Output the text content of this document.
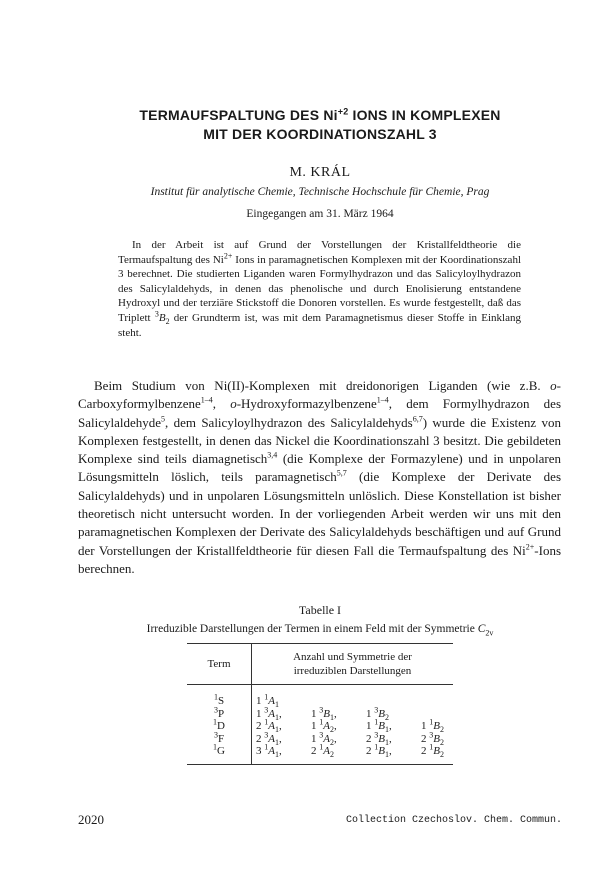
TERMAUFSPALTUNG DES $Ni^{+2}$ IONS IN KOMPLEXEN
MIT DER KOORDINATIONSZAHL 3
M. KRÁL
Institut für analytische Chemie, Technische Hochschule für Chemie, Prag
Eingegangen am 31. März 1964

In der Arbeit ist auf Grund der Vorstellungen der Kristallfeldtheorie die Termaufspaltung des $Ni^{2+}$ Ions in paramagnetischen Komplexen mit der Koordinationszahl 3 berechnet. Die studierten Liganden waren Formylhydrazon und das Salicyloylhydrazon des Salicylaldehyds, in denen das phenolische und durch Enolisierung entstandene Hydroxyl und der terziäre Stickstoff die Donoren vorstellen. Es wurde festgestellt, daß das Triplett $^3B_2$ der Grundterm ist, was mit dem Paramagnetismus dieser Stoffe in Einklang steht.

Beim Studium von Ni(II)-Komplexen mit dreidonorigen Liganden (wie z.B. o-Carboxyformylbenzene$^{1-4}$, o-Hydroxyformazylbenzene$^{1-4}$, dem Formylhydrazon des Salicylaldehyde$^5$, dem Salicyloylhydrazon des Salicylaldehyds$^{6,7}$) wurde die Existenz von Komplexen festgestellt, in denen das Nickel die Koordinationszahl 3 besitzt. Die gebildeten Komplexe sind teils diamagnetisch$^{3,4}$ (die Komplexe der Formazylene) und in unpolaren Lösungsmitteln löslich, teils paramagnetisch$^{5,7}$ (die Komplexe der Derivate des Salicylaldehyds) und in unpolaren Lösungsmitteln unlöslich. Diese Konstellation ist bisher theoretisch nicht untersucht worden. In der vorliegenden Arbeit werden wir uns mit den paramagnetischen Komplexen der Derivate des Salicylaldehyds beschäftigen und auf Grund der Vorstellungen der Kristallfeldtheorie für diesen Fall die Termaufspaltung des $Ni^{2+}$-Ions berechnen.

Tabelle I
Irreduzible Darstellungen der Termen in einem Feld mit der Symmetrie $C_{2v}$
Term	Anzahl und Symmetrie der
irreduziblen Darstellungen

$^1$S	1 $^1A_1$
$^3$P	1 $^3A_1$, 1 $^3B_1$, 1 $^3B_2$
$^1$D	2 $^1A_1$, 1 $^1A_2$, 1 $^1B_1$, 1 $^1B_2$
$^3$F	2 $^3A_1$, 1 $^3A_2$, 2 $^3B_1$, 2 $^3B_2$
$^1$G	3 $^1A_1$, 2 $^1A_2$ 2 $^1B_1$, 2 $^1B_2$
2020	Collection Czechoslov. Chem. Commun.
